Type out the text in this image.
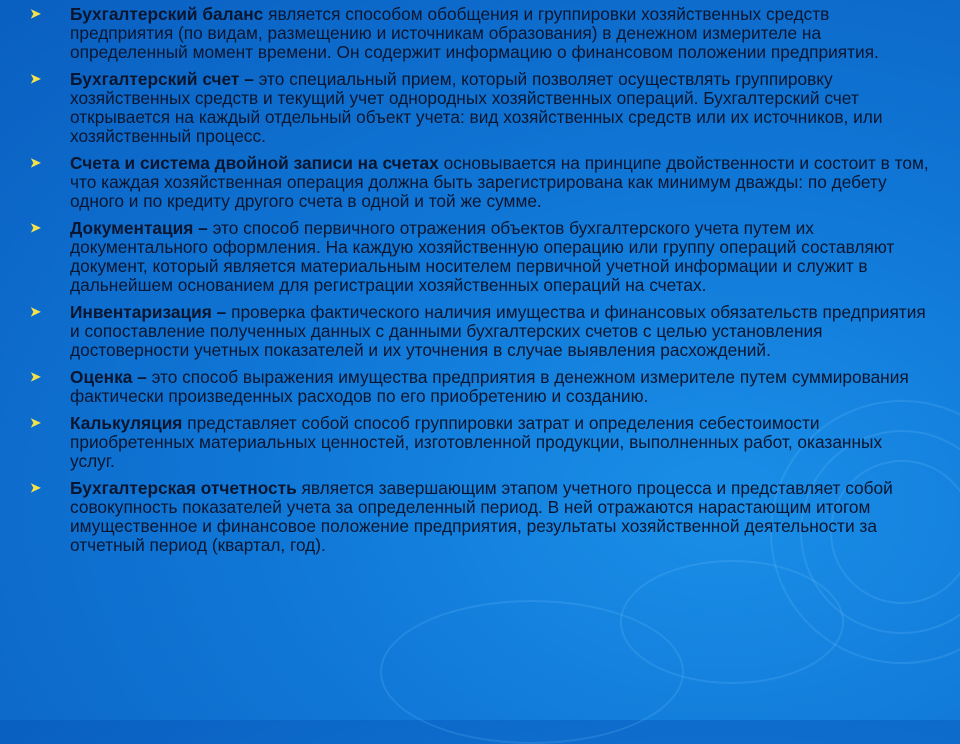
➤ Бухгалтерский баланс является способом обобщения и группировки хозяйственных средств предприятия (по видам, размещению и источникам образования) в денежном измерителе на определенный момент времени. Он содержит информацию о финансовом положении предприятия.
➤ Бухгалтерский счет – это специальный прием, который позволяет осуществлять группировку хозяйственных средств и текущий учет однородных хозяйственных операций. Бухгалтерский счет открывается на каждый отдельный объект учета: вид хозяйственных средств или их источников, или хозяйственный процесс.
➤ Счета и система двойной записи на счетах основывается на принципе двойственности и состоит в том, что каждая хозяйственная операция должна быть зарегистрирована как минимум дважды: по дебету одного и по кредиту другого счета в одной и той же сумме.
➤ Документация – это способ первичного отражения объектов бухгалтерского учета путем их документального оформления. На каждую хозяйственную операцию или группу операций составляют документ, который является материальным носителем первичной учетной информации и служит в дальнейшем основанием для регистрации хозяйственных операций на счетах.
➤ Инвентаризация – проверка фактического наличия имущества и финансовых обязательств предприятия и сопоставление полученных данных с данными бухгалтерских счетов с целью установления достоверности учетных показателей и их уточнения в случае выявления расхождений.
➤ Оценка – это способ выражения имущества предприятия в денежном измерителе путем суммирования фактически произведенных расходов по его приобретению и созданию.
➤ Калькуляция представляет собой способ группировки затрат и определения себестоимости приобретенных материальных ценностей, изготовленной продукции, выполненных работ, оказанных услуг.
➤ Бухгалтерская отчетность является завершающим этапом учетного процесса и представляет собой совокупность показателей учета за определенный период. В ней отражаются нарастающим итогом имущественное и финансовое положение предприятия, результаты хозяйственной деятельности за отчетный период (квартал, год).
